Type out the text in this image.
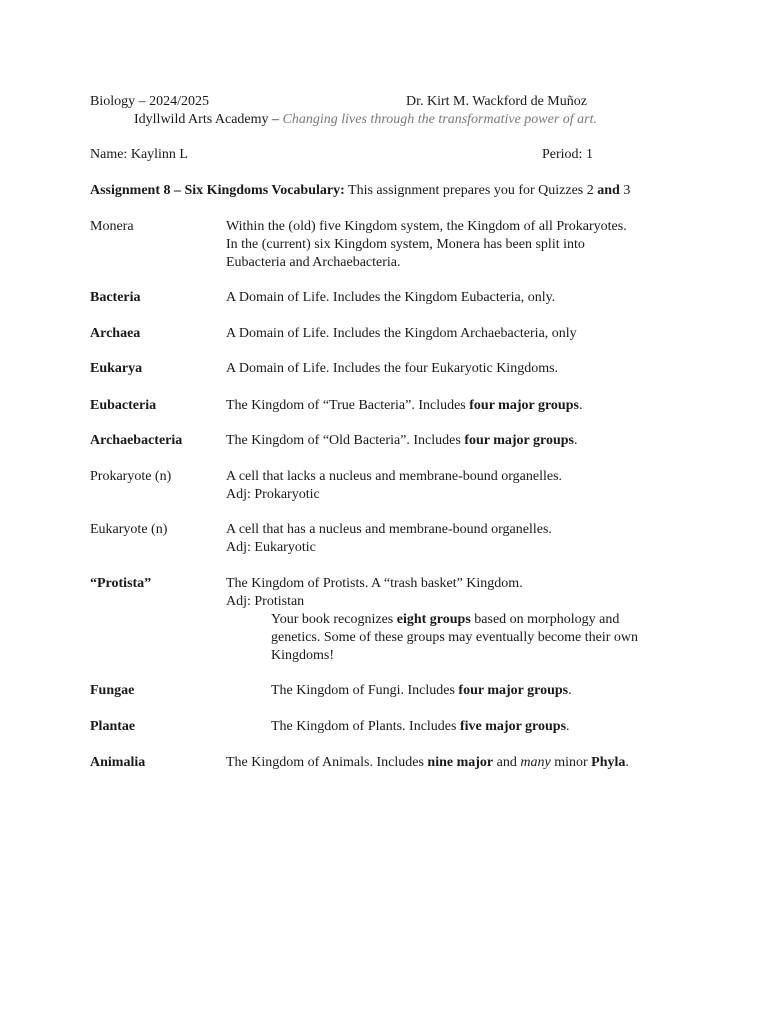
Biology – 2024/2025	Dr. Kirt M. Wackford de Muñoz
Idyllwild Arts Academy – Changing lives through the transformative power of art.
Name: Kaylinn L	Period: 1
Assignment 8 – Six Kingdoms Vocabulary: This assignment prepares you for Quizzes 2 and 3
Monera	Within the (old) five Kingdom system, the Kingdom of all Prokaryotes.
In the (current) six Kingdom system, Monera has been split into
Eubacteria and Archaebacteria.
Bacteria	A Domain of Life. Includes the Kingdom Eubacteria, only.
Archaea	A Domain of Life. Includes the Kingdom Archaebacteria, only
Eukarya	A Domain of Life. Includes the four Eukaryotic Kingdoms.
Eubacteria	The Kingdom of “True Bacteria”. Includes four major groups.
Archaebacteria	The Kingdom of “Old Bacteria”. Includes four major groups.
Prokaryote (n)	A cell that lacks a nucleus and membrane-bound organelles.
Adj: Prokaryotic
Eukaryote (n)	A cell that has a nucleus and membrane-bound organelles.
Adj: Eukaryotic
“Protista”	The Kingdom of Protists. A “trash basket” Kingdom.
Adj: Protistan
Your book recognizes eight groups based on morphology and
genetics. Some of these groups may eventually become their own
Kingdoms!
Fungae	The Kingdom of Fungi. Includes four major groups.
Plantae	The Kingdom of Plants. Includes five major groups.
Animalia	The Kingdom of Animals. Includes nine major and many minor Phyla.
